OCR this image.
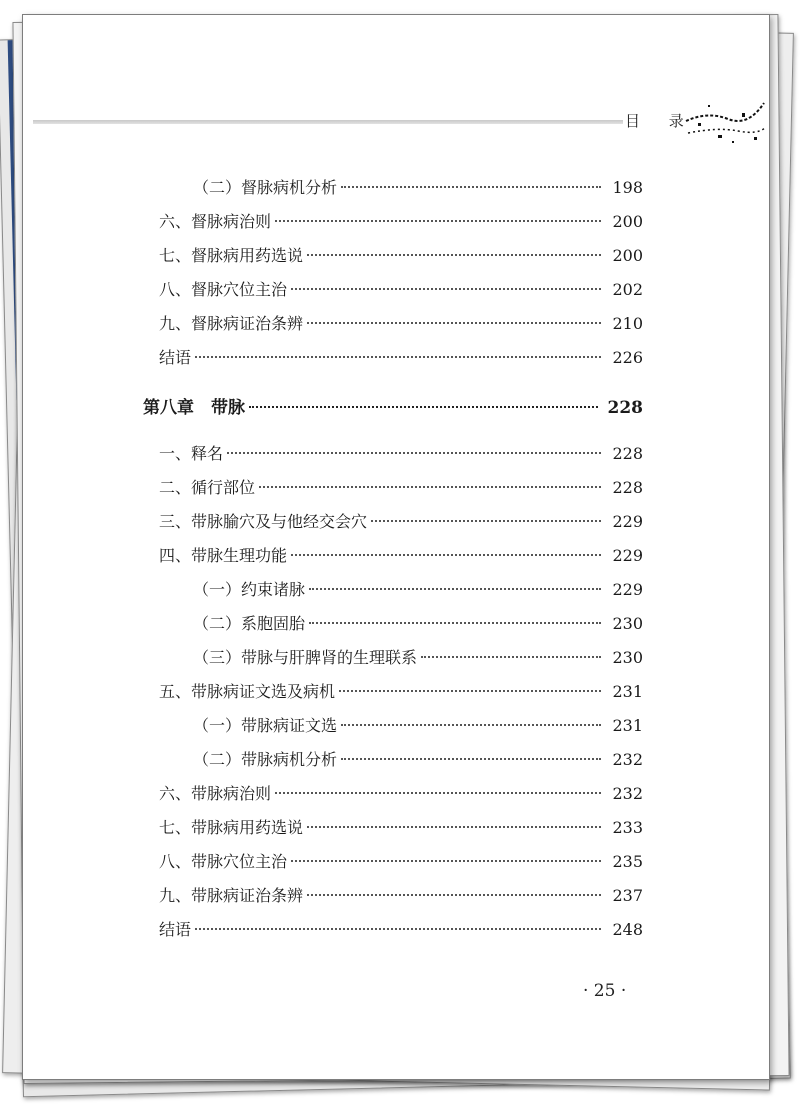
目 录
（二）督脉病机分析	198
六、督脉病治则	200
七、督脉病用药选说	200
八、督脉穴位主治	202
九、督脉病证治条辨	210
结语	226
第八章　带脉	228
一、释名	228
二、循行部位	228
三、带脉腧穴及与他经交会穴	229
四、带脉生理功能	229
（一）约束诸脉	229
（二）系胞固胎	230
（三）带脉与肝脾肾的生理联系	230
五、带脉病证文选及病机	231
（一）带脉病证文选	231
（二）带脉病机分析	232
六、带脉病治则	232
七、带脉病用药选说	233
八、带脉穴位主治	235
九、带脉病证治条辨	237
结语	248
· 25 ·
